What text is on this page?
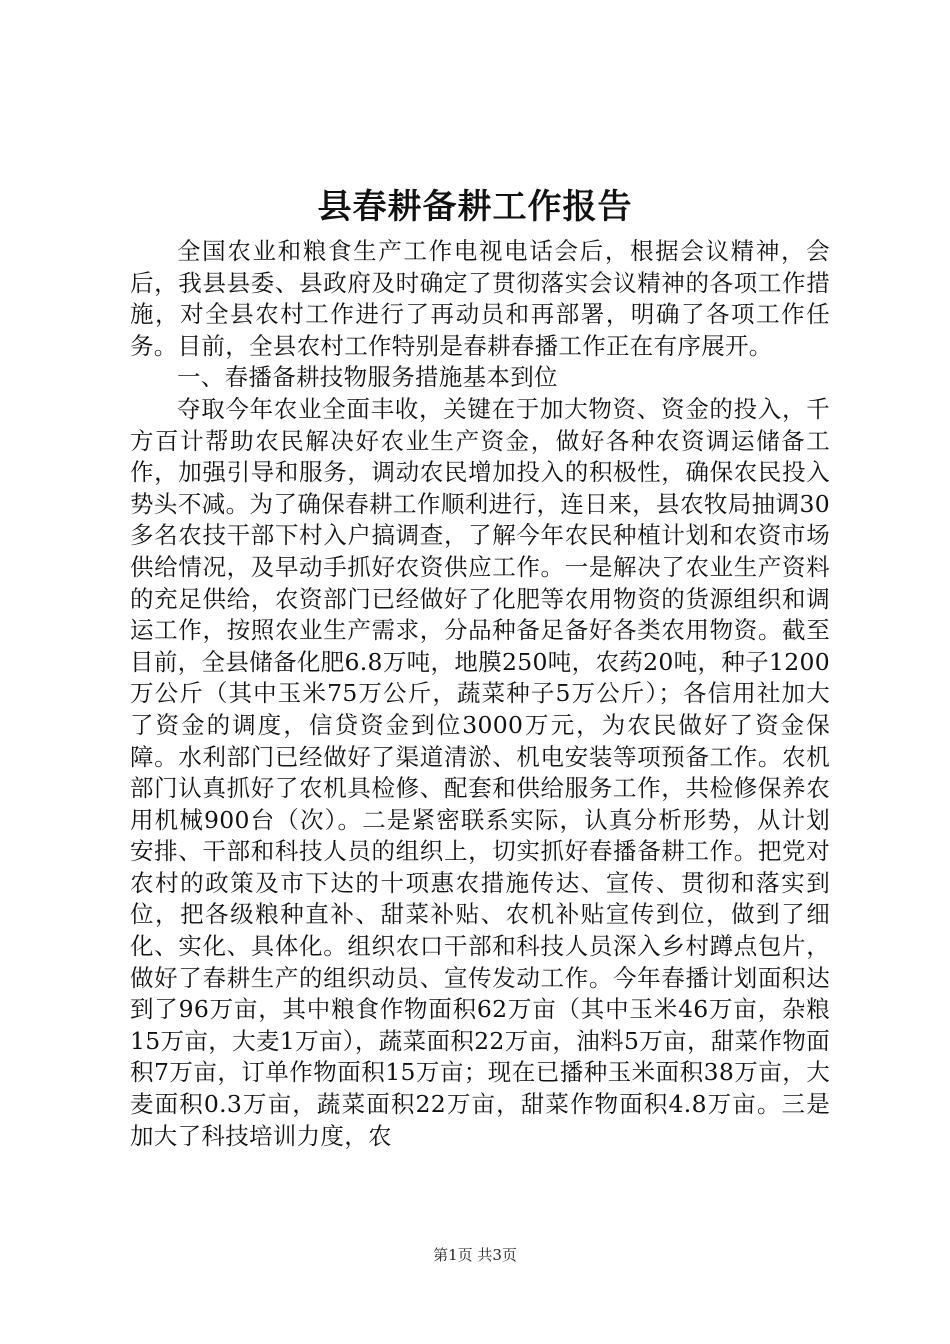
县春耕备耕工作报告

全国农业和粮食生产工作电视电话会后，根据会议精神，会后，我县县委、县政府及时确定了贯彻落实会议精神的各项工作措施，对全县农村工作进行了再动员和再部署，明确了各项工作任务。目前，全县农村工作特别是春耕春播工作正在有序展开。

一、春播备耕技物服务措施基本到位

夺取今年农业全面丰收，关键在于加大物资、资金的投入，千方百计帮助农民解决好农业生产资金，做好各种农资调运储备工作，加强引导和服务，调动农民增加投入的积极性，确保农民投入势头不减。为了确保春耕工作顺利进行，连日来，县农牧局抽调30多名农技干部下村入户搞调查，了解今年农民种植计划和农资市场供给情况，及早动手抓好农资供应工作。一是解决了农业生产资料的充足供给，农资部门已经做好了化肥等农用物资的货源组织和调运工作，按照农业生产需求，分品种备足备好各类农用物资。截至目前，全县储备化肥6.8万吨，地膜250吨，农药20吨，种子1200万公斤（其中玉米75万公斤，蔬菜种子5万公斤）；各信用社加大了资金的调度，信贷资金到位3000万元，为农民做好了资金保障。水利部门已经做好了渠道清淤、机电安装等项预备工作。农机部门认真抓好了农机具检修、配套和供给服务工作，共检修保养农用机械900台（次）。二是紧密联系实际，认真分析形势，从计划安排、干部和科技人员的组织上，切实抓好春播备耕工作。把党对农村的政策及市下达的十项惠农措施传达、宣传、贯彻和落实到位，把各级粮种直补、甜菜补贴、农机补贴宣传到位，做到了细化、实化、具体化。组织农口干部和科技人员深入乡村蹲点包片，做好了春耕生产的组织动员、宣传发动工作。今年春播计划面积达到了96万亩，其中粮食作物面积62万亩（其中玉米46万亩，杂粮15万亩，大麦1万亩），蔬菜面积22万亩，油料5万亩，甜菜作物面积7万亩，订单作物面积15万亩；现在已播种玉米面积38万亩，大麦面积0.3万亩，蔬菜面积22万亩，甜菜作物面积4.8万亩。三是加大了科技培训力度，农

第1页 共3页
